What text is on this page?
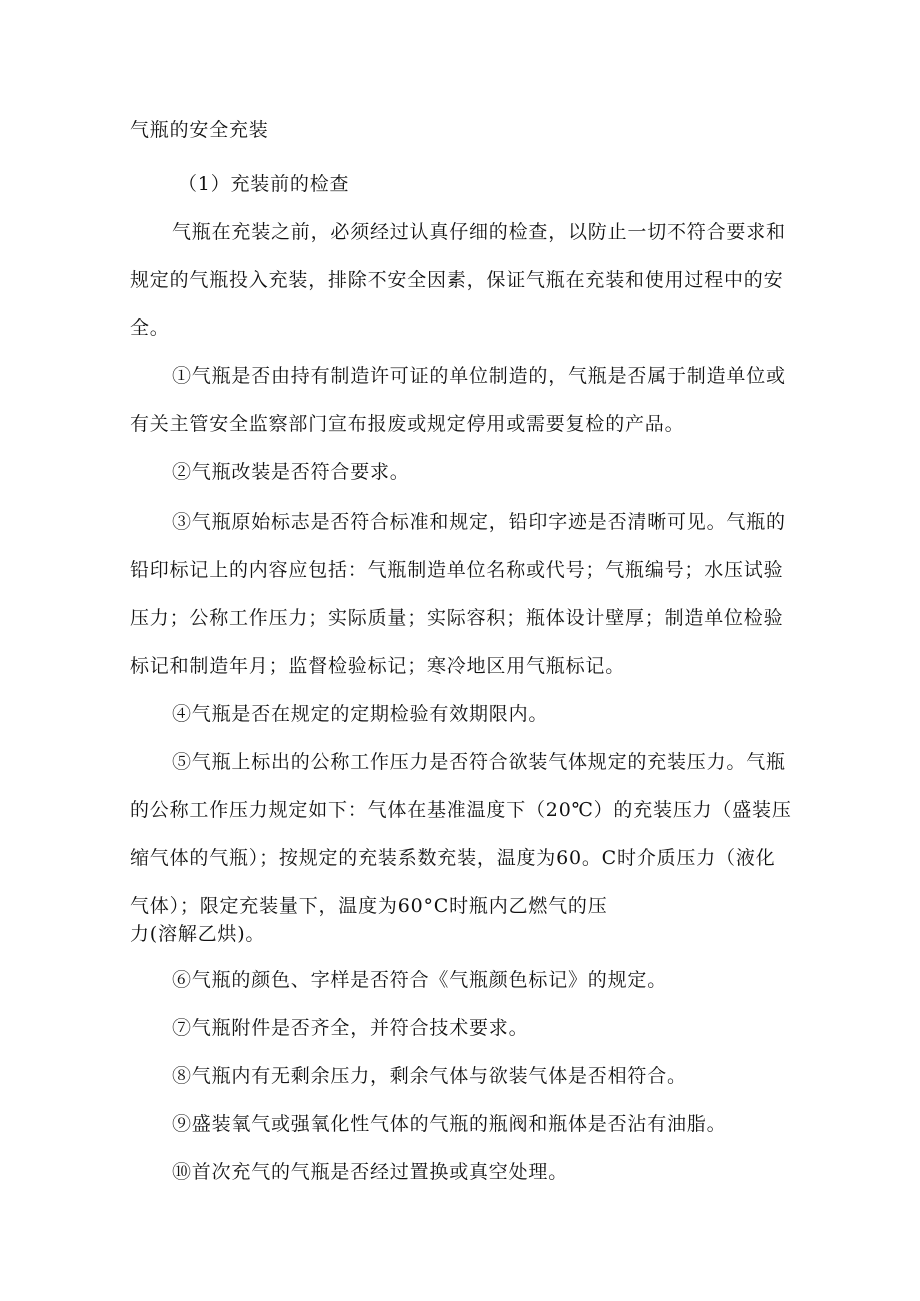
气瓶的安全充装
（1）充装前的检查
气瓶在充装之前，必须经过认真仔细的检查，以防止一切不符合要求和
规定的气瓶投入充装，排除不安全因素，保证气瓶在充装和使用过程中的安
全。
①气瓶是否由持有制造许可证的单位制造的，气瓶是否属于制造单位或
有关主管安全监察部门宣布报废或规定停用或需要复检的产品。
②气瓶改装是否符合要求。
③气瓶原始标志是否符合标准和规定，铅印字迹是否清晰可见。气瓶的
铅印标记上的内容应包括：气瓶制造单位名称或代号；气瓶编号；水压试验
压力；公称工作压力；实际质量；实际容积；瓶体设计壁厚；制造单位检验
标记和制造年月；监督检验标记；寒冷地区用气瓶标记。
④气瓶是否在规定的定期检验有效期限内。
⑤气瓶上标出的公称工作压力是否符合欲装气体规定的充装压力。气瓶
的公称工作压力规定如下：气体在基准温度下（20℃）的充装压力（盛装压
缩气体的气瓶）；按规定的充装系数充装，温度为60。C时介质压力（液化
气体）；限定充装量下，温度为60°C时瓶内乙燃气的压
力(溶解乙烘)。
⑥气瓶的颜色、字样是否符合《气瓶颜色标记》的规定。
⑦气瓶附件是否齐全，并符合技术要求。
⑧气瓶内有无剩余压力，剩余气体与欲装气体是否相符合。
⑨盛装氧气或强氧化性气体的气瓶的瓶阀和瓶体是否沾有油脂。
⑩首次充气的气瓶是否经过置换或真空处理。
